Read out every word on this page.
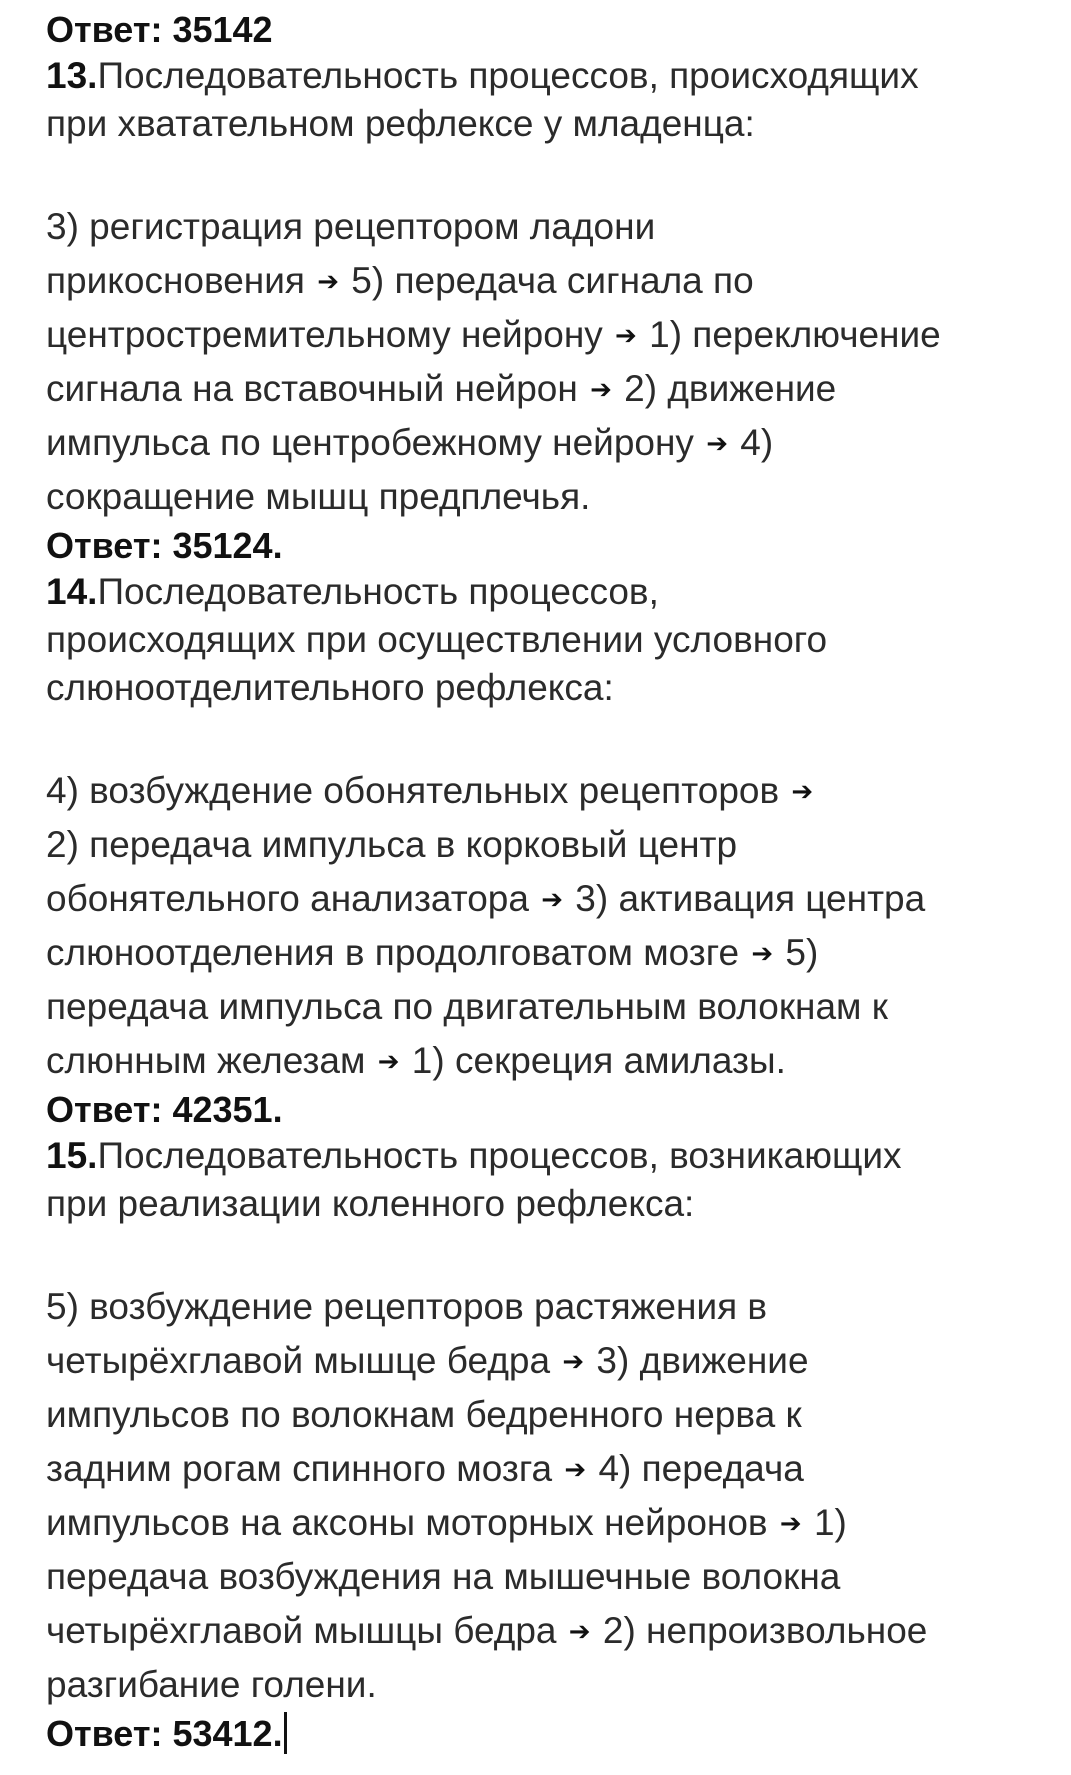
Ответ: 35142
13.Последовательность процессов, происходящих
при хватательном рефлексе у младенца:
3) регистрация рецептором ладони
прикосновения ➔ 5) передача сигнала по
центростремительному нейрону ➔ 1) переключение
сигнала на вставочный нейрон ➔ 2) движение
импульса по центробежному нейрону ➔ 4)
сокращение мышц предплечья.
Ответ: 35124.
14.Последовательность процессов,
происходящих при осуществлении условного
слюноотделительного рефлекса:
4) возбуждение обонятельных рецепторов ➔
2) передача импульса в корковый центр
обонятельного анализатора ➔ 3) активация центра
слюноотделения в продолговатом мозге ➔ 5)
передача импульса по двигательным волокнам к
слюнным железам ➔ 1) секреция амилазы.
Ответ: 42351.
15.Последовательность процессов, возникающих
при реализации коленного рефлекса:
5) возбуждение рецепторов растяжения в
четырёхглавой мышце бедра ➔ 3) движение
импульсов по волокнам бедренного нерва к
задним рогам спинного мозга ➔ 4) передача
импульсов на аксоны моторных нейронов ➔ 1)
передача возбуждения на мышечные волокна
четырёхглавой мышцы бедра ➔ 2) непроизвольное
разгибание голени.
Ответ: 53412.
